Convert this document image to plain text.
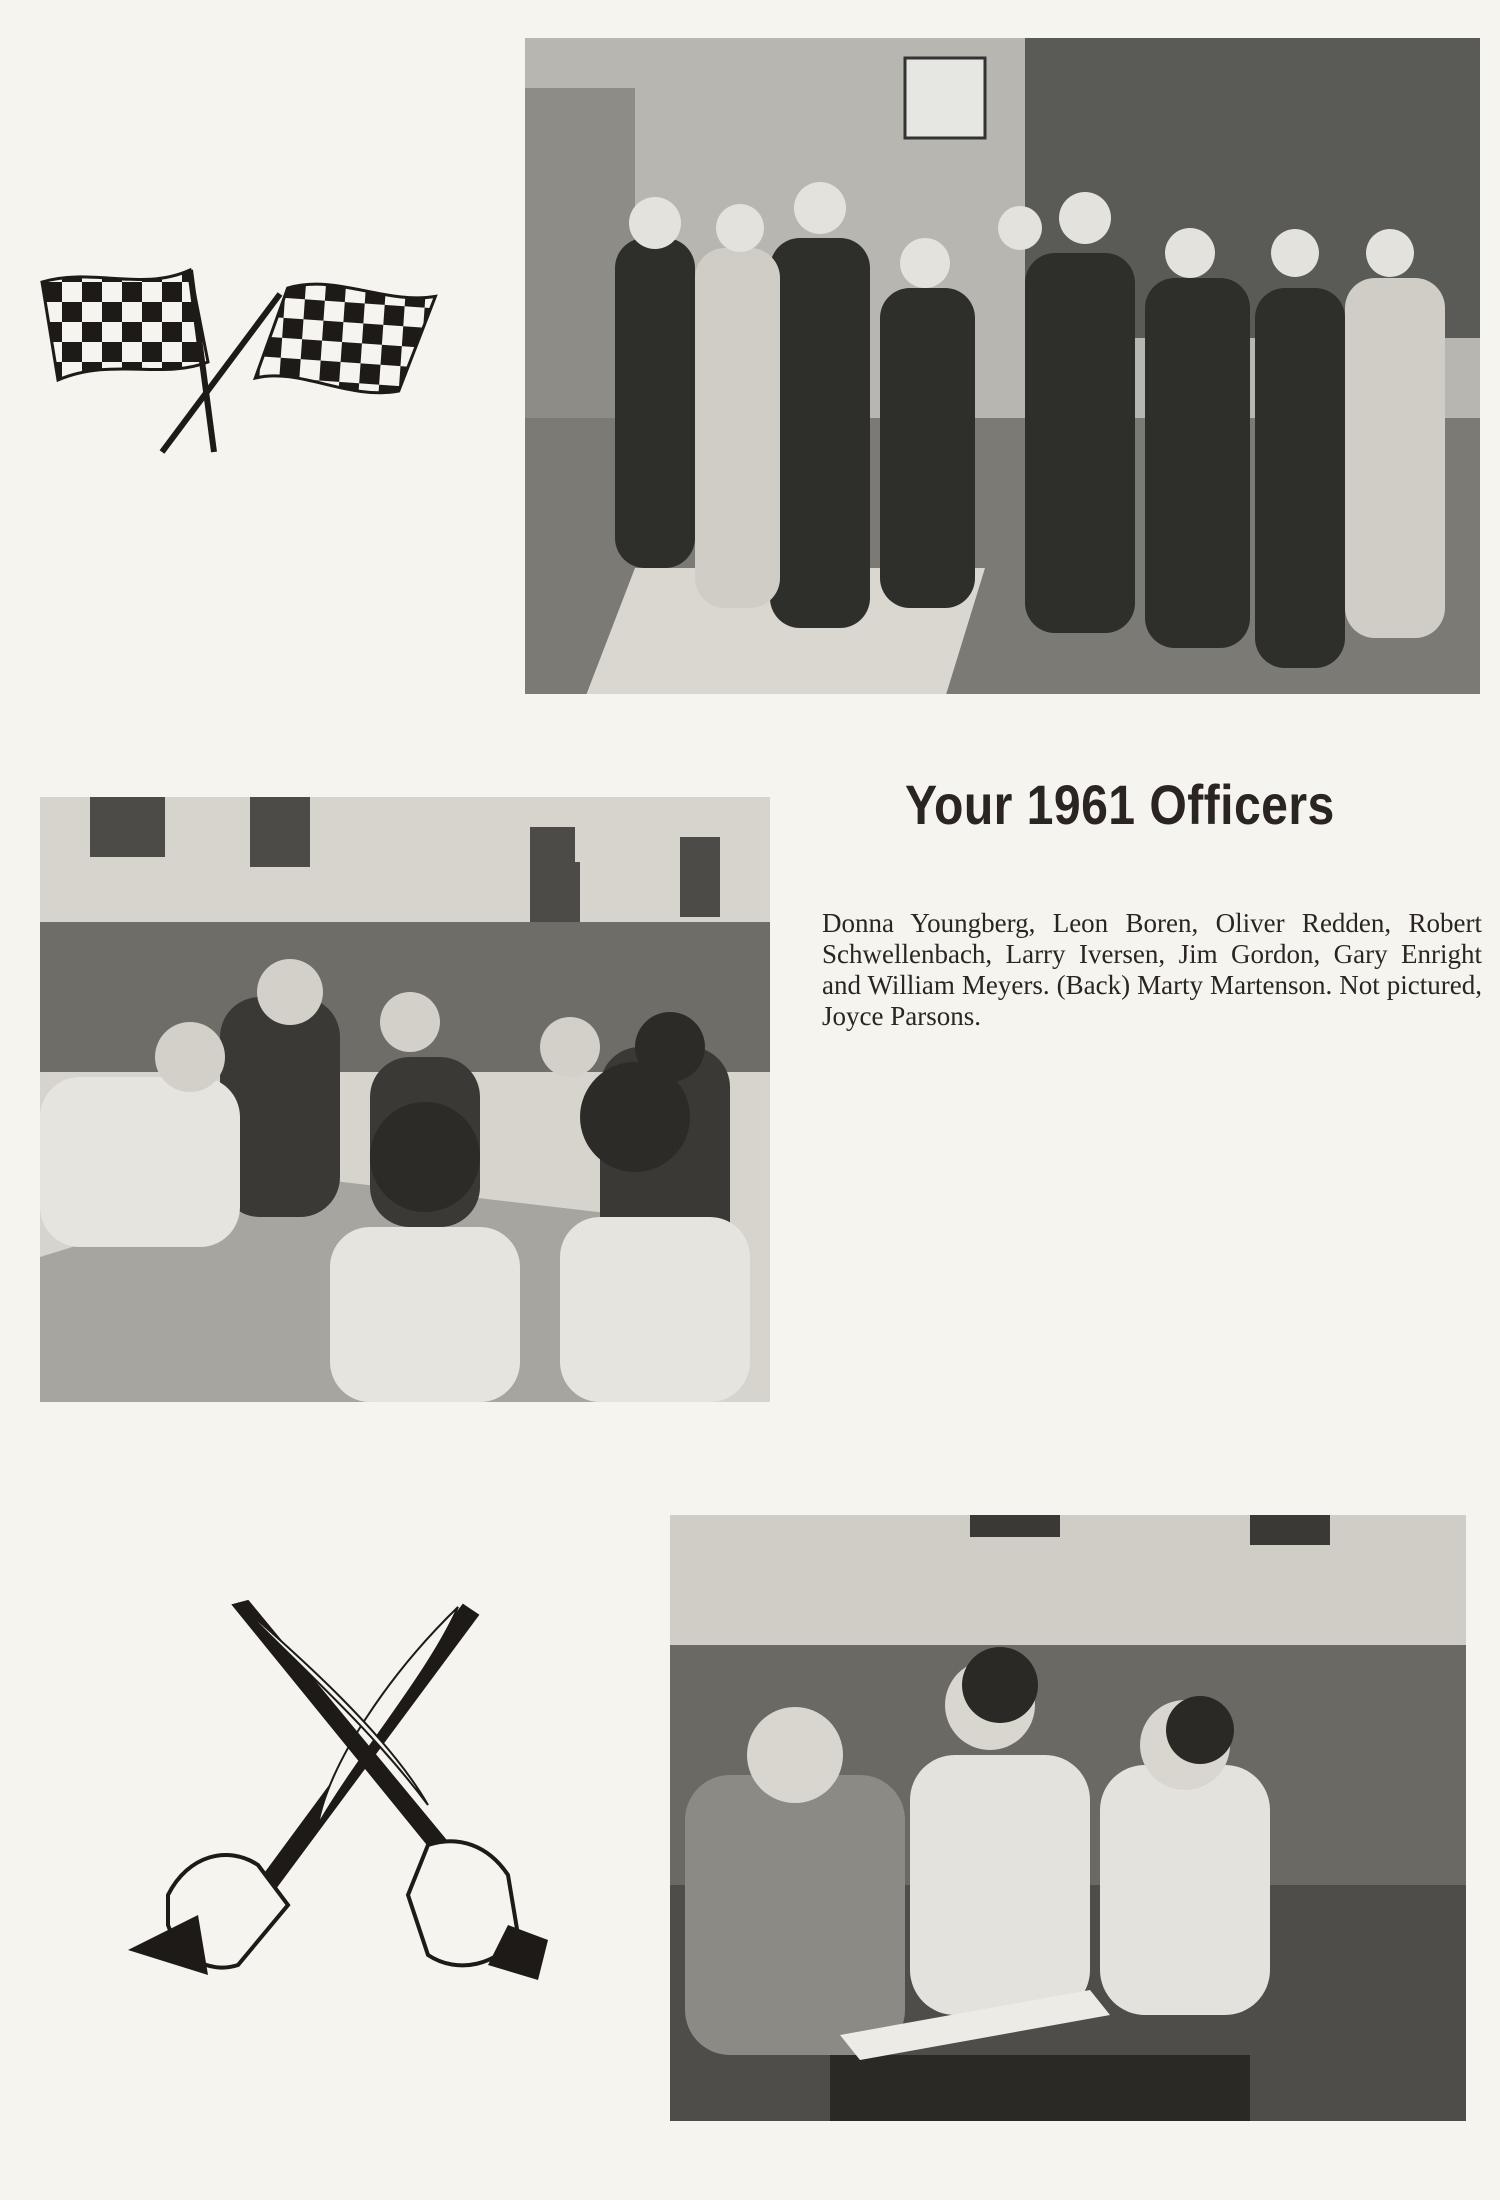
Your 1961 Officers
Donna Youngberg, Leon Boren, Oliver Redden, Robert Schwellenbach, Larry Iversen, Jim Gordon, Gary Enright and William Meyers. (Back) Marty Martenson. Not pictured, Joyce Parsons.
